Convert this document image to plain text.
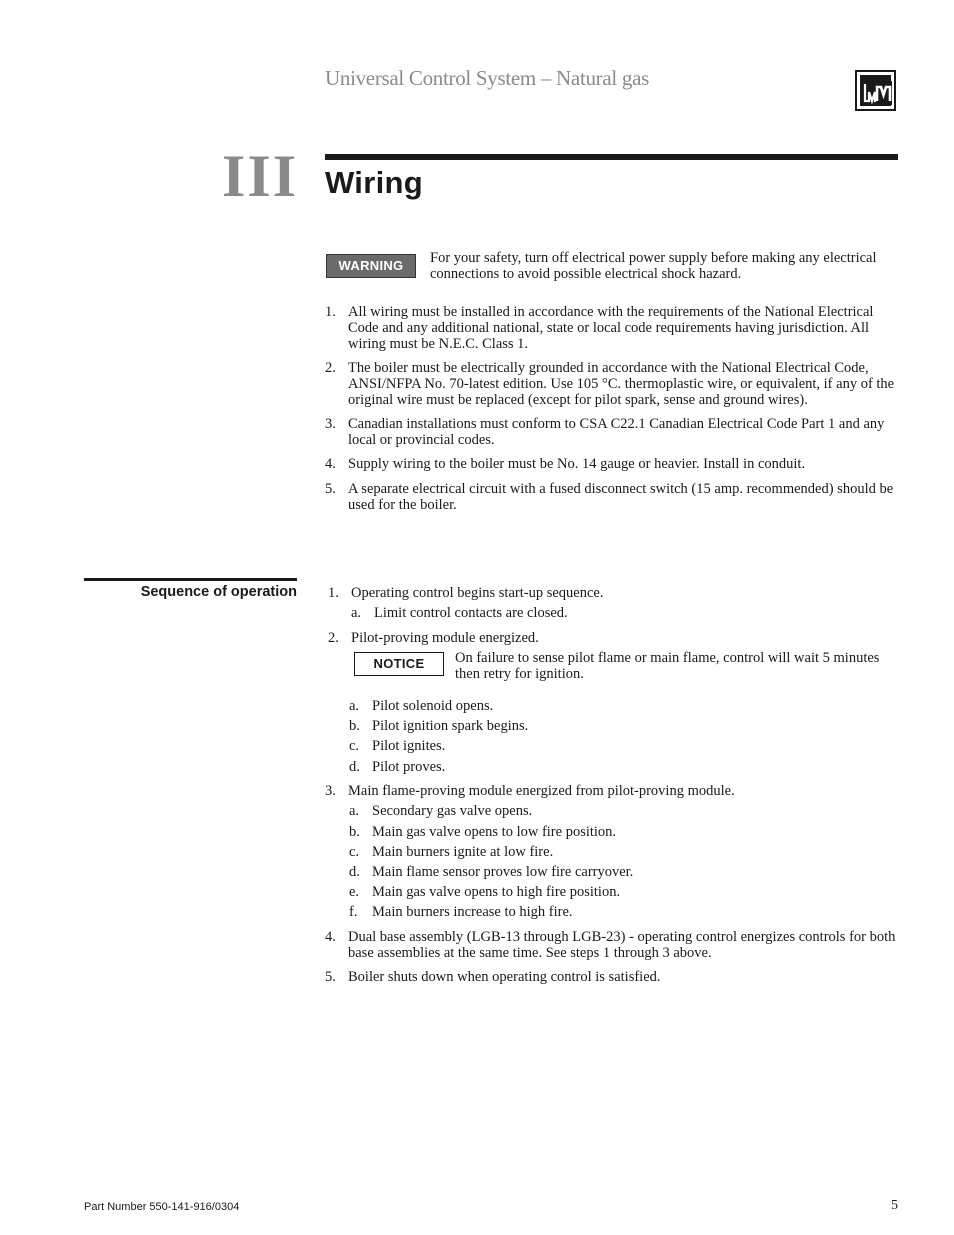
Universal Control System – Natural gas
III Wiring
WARNING	For your safety, turn off electrical power supply before making any electrical connections to avoid possible electrical shock hazard.
1. All wiring must be installed in accordance with the requirements of the National Electrical Code and any additional national, state or local code requirements having jurisdiction. All wiring must be N.E.C. Class 1.
2. The boiler must be electrically grounded in accordance with the National Electrical Code, ANSI/NFPA No. 70-latest edition. Use 105 °C. thermoplastic wire, or equivalent, if any of the original wire must be replaced (except for pilot spark, sense and ground wires).
3. Canadian installations must conform to CSA C22.1 Canadian Electrical Code Part 1 and any local or provincial codes.
4. Supply wiring to the boiler must be No. 14 gauge or heavier. Install in conduit.
5. A separate electrical circuit with a fused disconnect switch (15 amp. recommended) should be used for the boiler.
Sequence of operation 1. Operating control begins start-up sequence.
a. Limit control contacts are closed.
2. Pilot-proving module energized.
NOTICE	On failure to sense pilot flame or main flame, control will wait 5 minutes then retry for ignition.
a. Pilot solenoid opens.
b. Pilot ignition spark begins.
c. Pilot ignites.
d. Pilot proves.
3. Main flame-proving module energized from pilot-proving module.
a. Secondary gas valve opens.
b. Main gas valve opens to low fire position.
c. Main burners ignite at low fire.
d. Main flame sensor proves low fire carryover.
e. Main gas valve opens to high fire position.
f. Main burners increase to high fire.
4. Dual base assembly (LGB-13 through LGB-23) - operating control energizes controls for both base assemblies at the same time. See steps 1 through 3 above.
5. Boiler shuts down when operating control is satisfied.
Part Number 550-141-916/0304	5
